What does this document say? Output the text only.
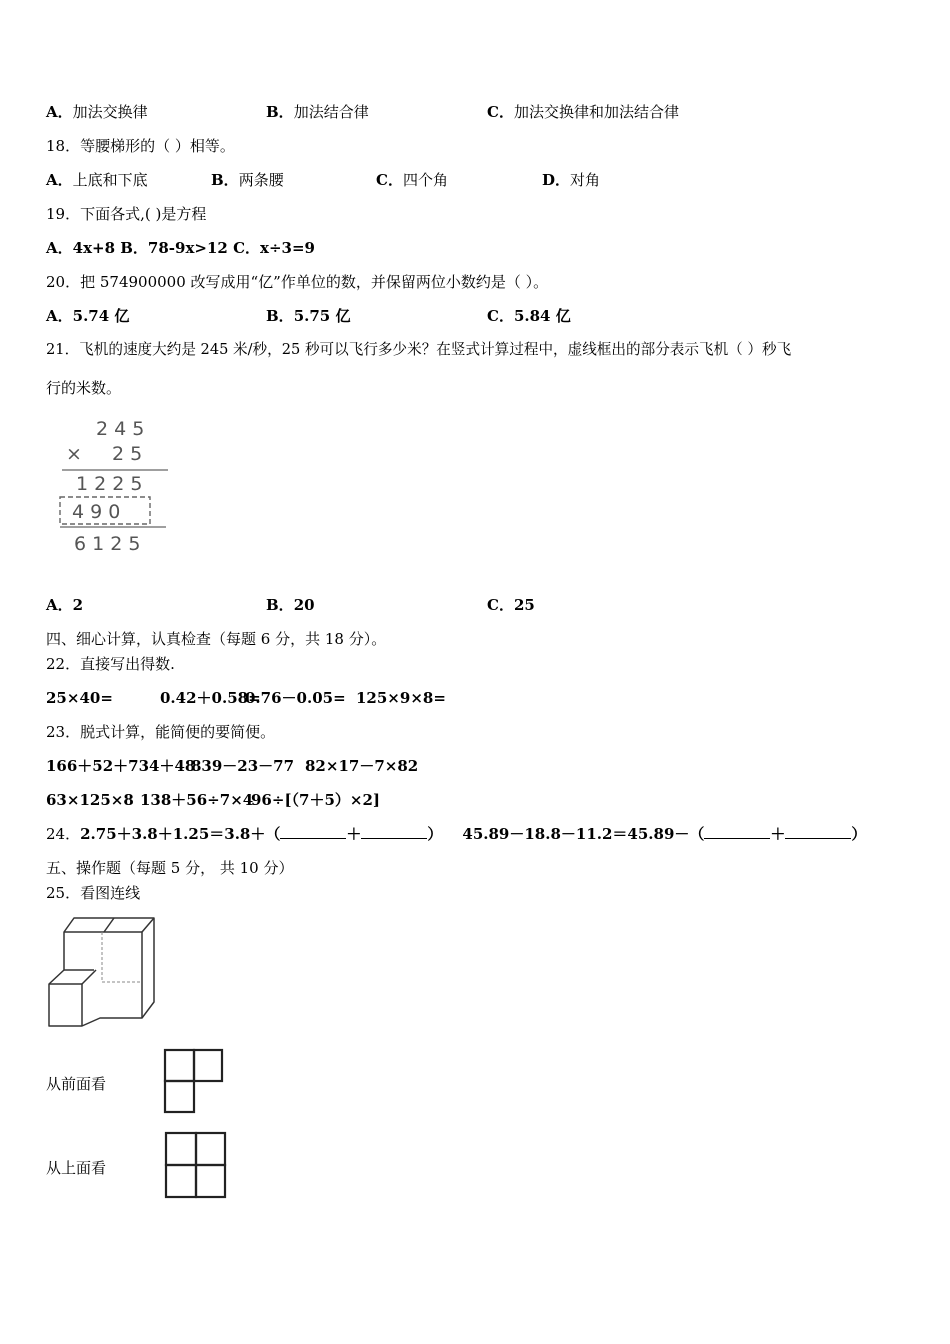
A．加法交换律	B．加法结合律	C．加法交换律和加法结合律
18．等腰梯形的（ ）相等。
A．上底和下底	B．两条腰	C．四个角	D．对角
19．下面各式,( )是方程
A．4x+8 B．78-9x>12 C．x÷3=9
20．把 574900000 改写成用“亿”作单位的数，并保留两位小数约是（ ）。
A．5.74 亿	B．5.75 亿	C．5.84 亿
21．飞机的速度大约是 245 米/秒，25 秒可以飞行多少米？在竖式计算过程中，虚线框出的部分表示飞机（ ）秒飞
行的米数。
2 4 5
× 2 5
1 2 2 5
4 9 0
6 1 2 5
A．2	B．20	C．25
四、细心计算，认真检查（每题 6 分，共 18 分）。
22．直接写出得数.
25×40=	0.42＋0.58=
0.76－0.05= 125×9×8=
23．脱式计算，能简便的要简便。
166＋52＋734＋48
839－23－77 82×17－7×82
63×125×8 138＋56÷7×4
96÷[（7＋5）×2]
24．2.75＋3.8＋1.25＝3.8＋（	＋	） 45.89－18.8－11.2＝45.89－（	＋	）
五、操作题（每题 5 分， 共 10 分）
25．看图连线
从前面看
从上面看
